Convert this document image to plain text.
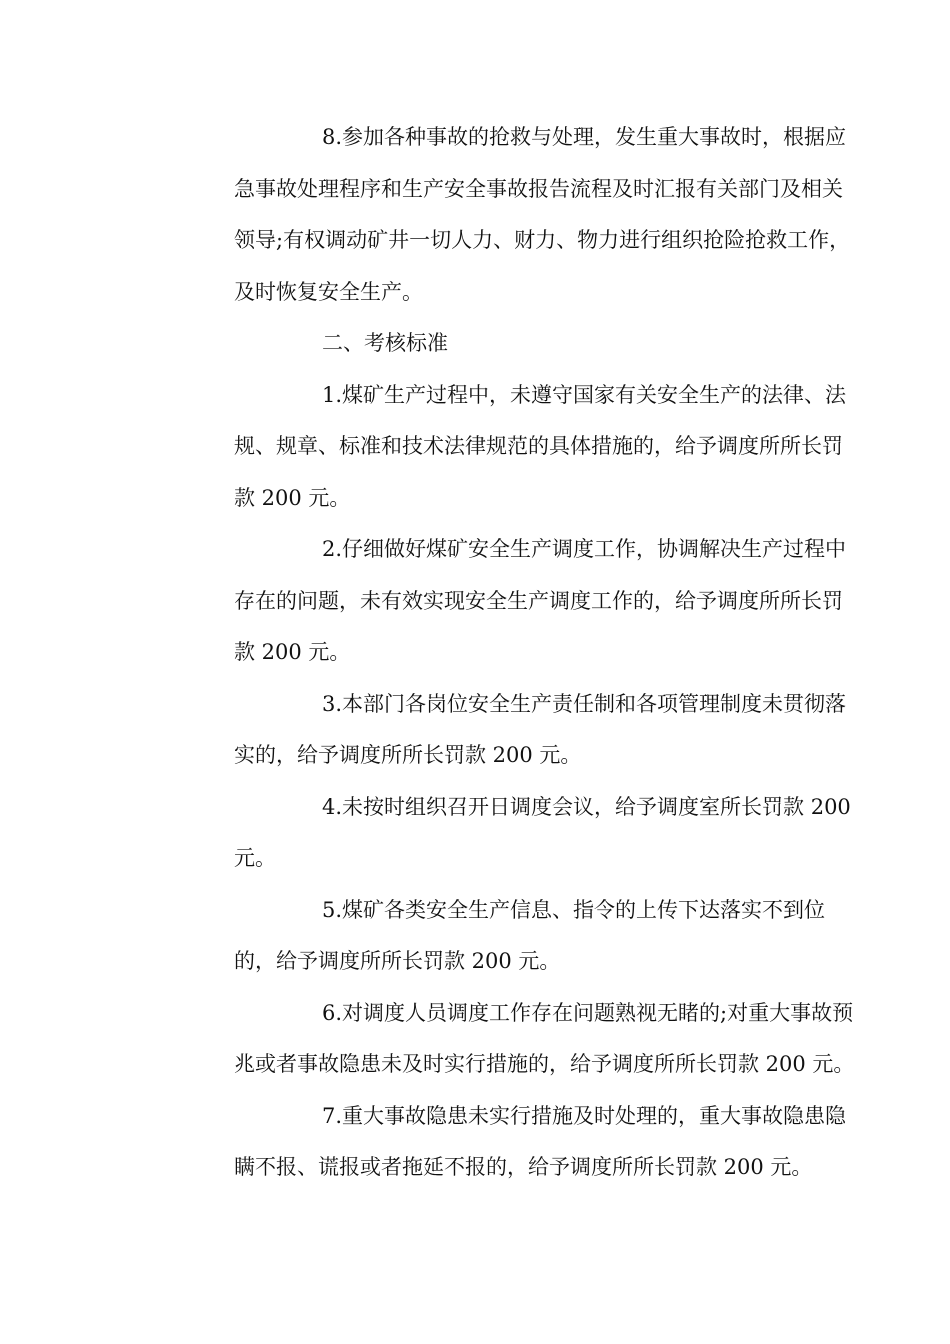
8.参加各种事故的抢救与处理，发生重大事故时，根据应
急事故处理程序和生产安全事故报告流程及时汇报有关部门及相关
领导;有权调动矿井一切人力、财力、物力进行组织抢险抢救工作，
及时恢复安全生产。
二、考核标准
1.煤矿生产过程中，未遵守国家有关安全生产的法律、法
规、规章、标准和技术法律规范的具体措施的，给予调度所所长罚
款 200 元。
2.仔细做好煤矿安全生产调度工作，协调解决生产过程中
存在的问题，未有效实现安全生产调度工作的，给予调度所所长罚
款 200 元。
3.本部门各岗位安全生产责任制和各项管理制度未贯彻落
实的，给予调度所所长罚款 200 元。
4.未按时组织召开日调度会议，给予调度室所长罚款 200
元。
5.煤矿各类安全生产信息、指令的上传下达落实不到位
的，给予调度所所长罚款 200 元。
6.对调度人员调度工作存在问题熟视无睹的;对重大事故预
兆或者事故隐患未及时实行措施的，给予调度所所长罚款 200 元。
7.重大事故隐患未实行措施及时处理的，重大事故隐患隐
瞒不报、谎报或者拖延不报的，给予调度所所长罚款 200 元。
